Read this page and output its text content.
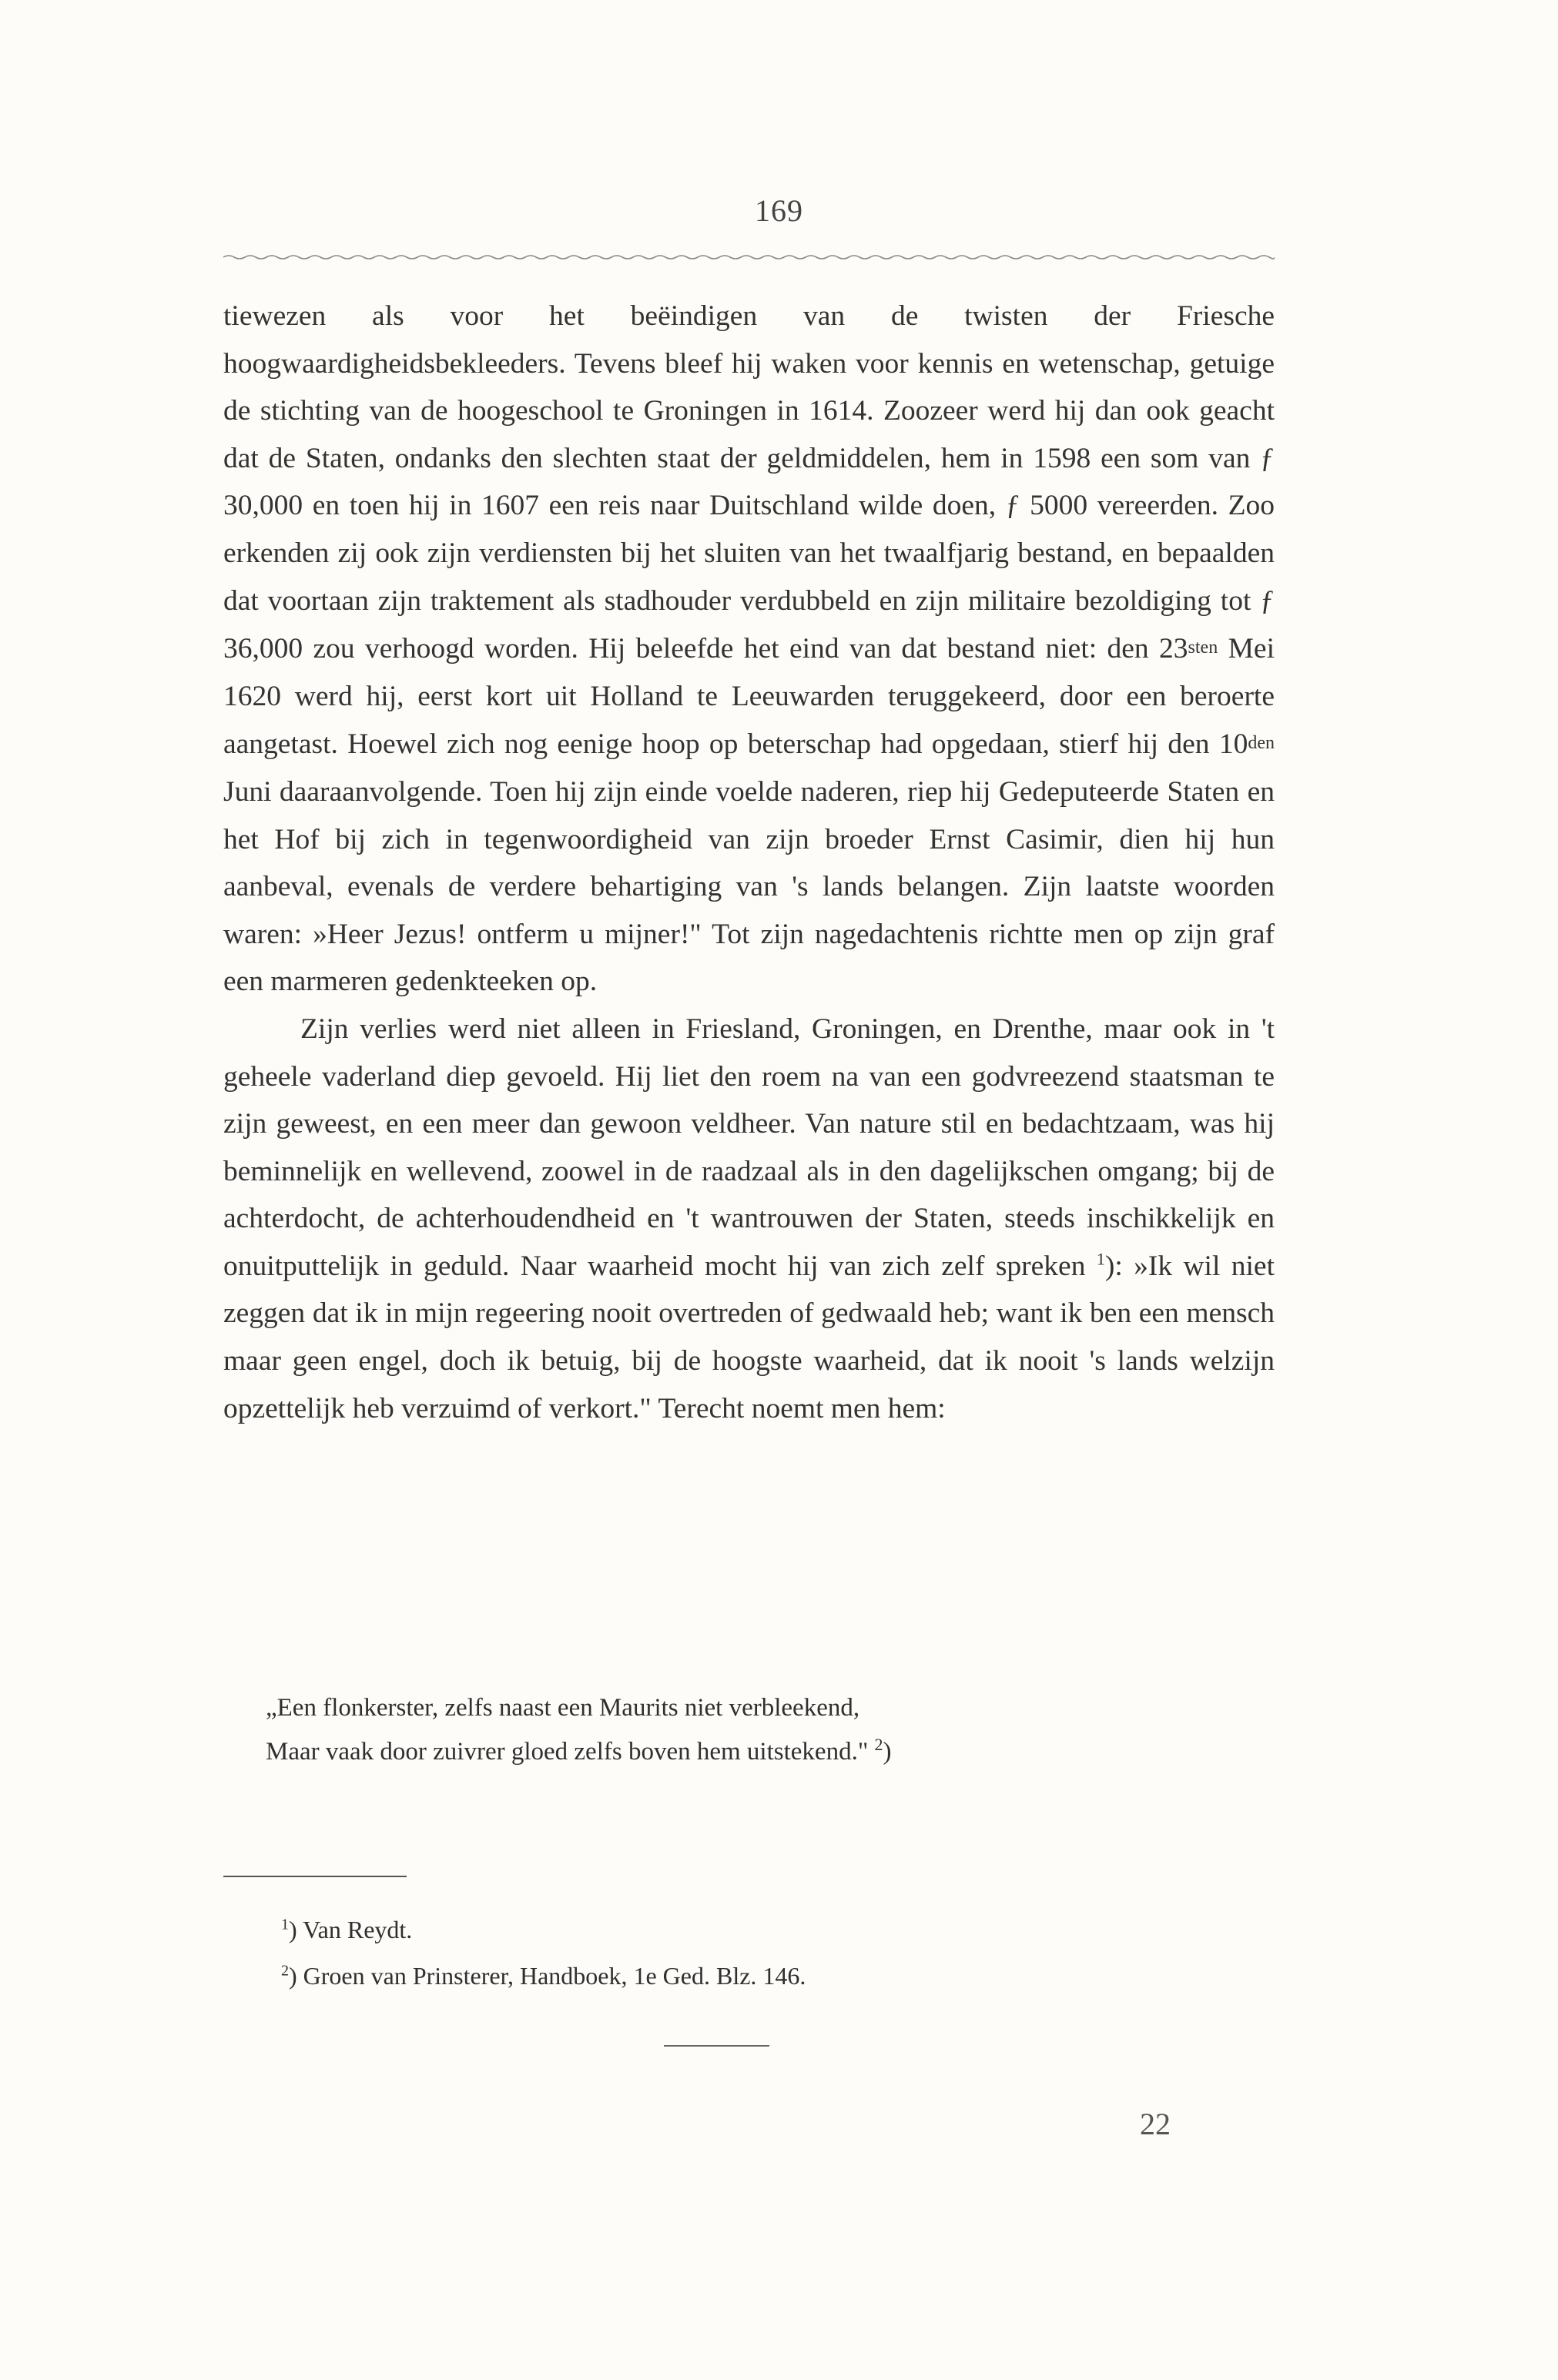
169

tiewezen als voor het beëindigen van de twisten der Friesche hoogwaardigheidsbekleeders. Tevens bleef hij waken voor kennis en wetenschap, getuige de stichting van de hoogeschool te Groningen in 1614. Zoozeer werd hij dan ook geacht dat de Staten, ondanks den slechten staat der geldmiddelen, hem in 1598 een som van ƒ 30,000 en toen hij in 1607 een reis naar Duitschland wilde doen, ƒ 5000 vereerden. Zoo erkenden zij ook zijn verdiensten bij het sluiten van het twaalfjarig bestand, en bepaalden dat voortaan zijn traktement als stadhouder verdubbeld en zijn militaire bezoldiging tot ƒ 36,000 zou verhoogd worden. Hij beleefde het eind van dat bestand niet: den 23sten Mei 1620 werd hij, eerst kort uit Holland te Leeuwarden teruggekeerd, door een beroerte aangetast. Hoewel zich nog eenige hoop op beterschap had opgedaan, stierf hij den 10den Juni daaraanvolgende. Toen hij zijn einde voelde naderen, riep hij Gedeputeerde Staten en het Hof bij zich in tegenwoordigheid van zijn broeder Ernst Casimir, dien hij hun aanbeval, evenals de verdere behartiging van 's lands belangen. Zijn laatste woorden waren: »Heer Jezus! ontferm u mijner!" Tot zijn nagedachtenis richtte men op zijn graf een marmeren gedenkteeken op.

Zijn verlies werd niet alleen in Friesland, Groningen, en Drenthe, maar ook in 't geheele vaderland diep gevoeld. Hij liet den roem na van een godvreezend staatsman te zijn geweest, en een meer dan gewoon veldheer. Van nature stil en bedachtzaam, was hij beminnelijk en wellevend, zoowel in de raadzaal als in den dagelijkschen omgang; bij de achterdocht, de achterhoudendheid en 't wantrouwen der Staten, steeds inschikkelijk en onuitputtelijk in geduld. Naar waarheid mocht hij van zich zelf spreken $^1$): »Ik wil niet zeggen dat ik in mijn regeering nooit overtreden of gedwaald heb; want ik ben een mensch maar geen engel, doch ik betuig, bij de hoogste waarheid, dat ik nooit 's lands welzijn opzettelijk heb verzuimd of verkort." Terecht noemt men hem:

„Een flonkerster, zelfs naast een Maurits niet verbleekend,
Maar vaak door zuivrer gloed zelfs boven hem uitstekend." $^2$)
$^1$) Van Reydt.
$^2$) Groen van Prinsterer, Handboek, 1e Ged. Blz. 146.
22
